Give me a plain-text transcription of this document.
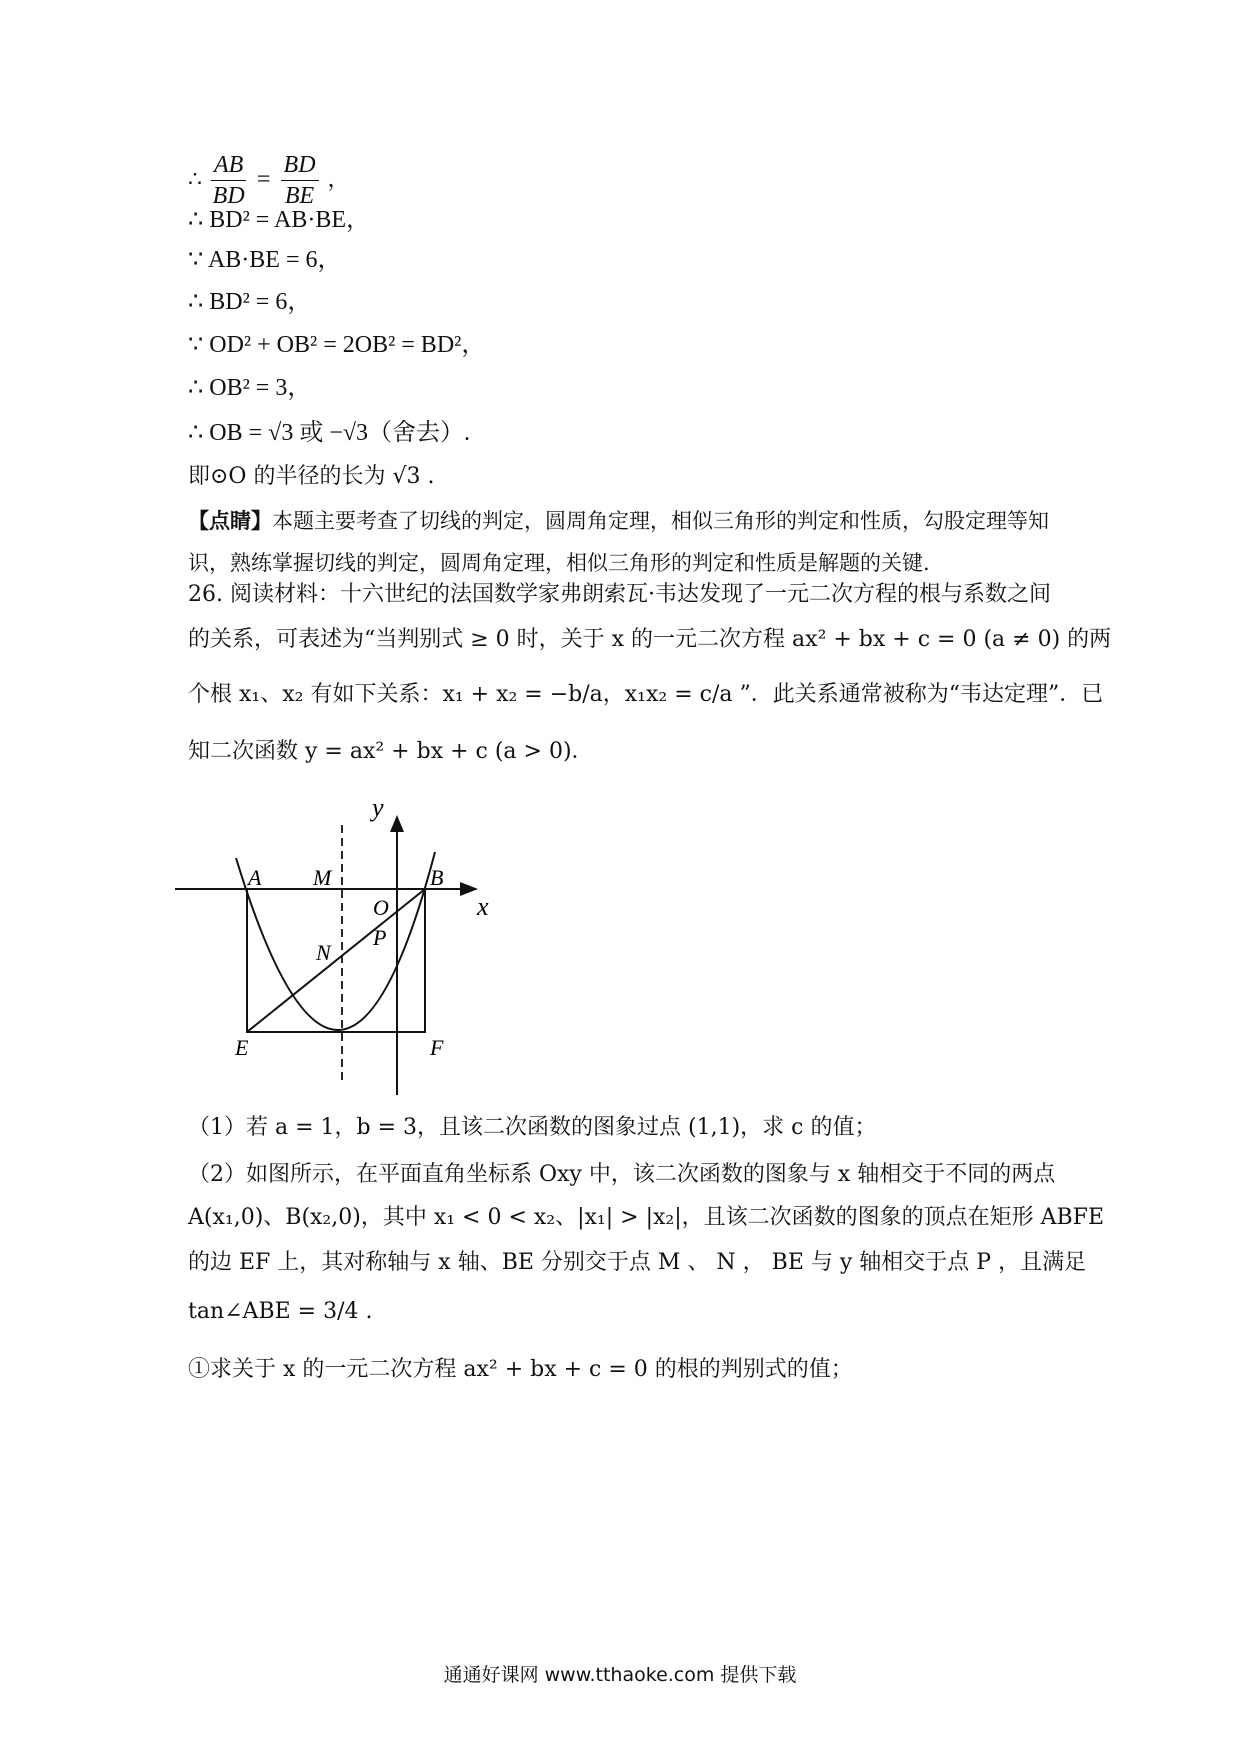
∴ $\frac{AB}{BD} = \frac{BD}{BE}$ ，
∴ BD² = AB·BE，
∵ AB·BE = 6，
∴ BD² = 6，
∵ OD² + OB² = 2OB² = BD²，
∴ OB² = 3，
∴ OB = √3 或 −√3（舍去）.
即⊙O 的半径的长为 √3 .
【点睛】本题主要考查了切线的判定，圆周角定理，相似三角形的判定和性质，勾股定理等知识，熟练掌握切线的判定，圆周角定理，相似三角形的判定和性质是解题的关键.
26. 阅读材料：十六世纪的法国数学家弗朗索瓦·韦达发现了一元二次方程的根与系数之间
的关系，可表述为“当判别式 ≥ 0 时，关于 x 的一元二次方程 ax² + bx + c = 0 (a ≠ 0) 的两
个根 x₁、x₂ 有如下关系：x₁ + x₂ = −b/a，x₁x₂ = c/a ”．此关系通常被称为“韦达定理”．已
知二次函数 y = ax² + bx + c (a > 0)．
y
x
A M	B
O
P
N
E	F
（1）若 a = 1，b = 3，且该二次函数的图象过点 (1,1)，求 c 的值；
（2）如图所示，在平面直角坐标系 Oxy 中，该二次函数的图象与 x 轴相交于不同的两点
A(x₁,0)、B(x₂,0)，其中 x₁ < 0 < x₂、|x₁| > |x₂|，且该二次函数的图象的顶点在矩形 ABFE
的边 EF 上，其对称轴与 x 轴、BE 分别交于点 M 、 N ， BE 与 y 轴相交于点 P ，且满足
tan∠ABE = 3/4 .
①求关于 x 的一元二次方程 ax² + bx + c = 0 的根的判别式的值；
通通好课网 www.tthaoke.com 提供下载
